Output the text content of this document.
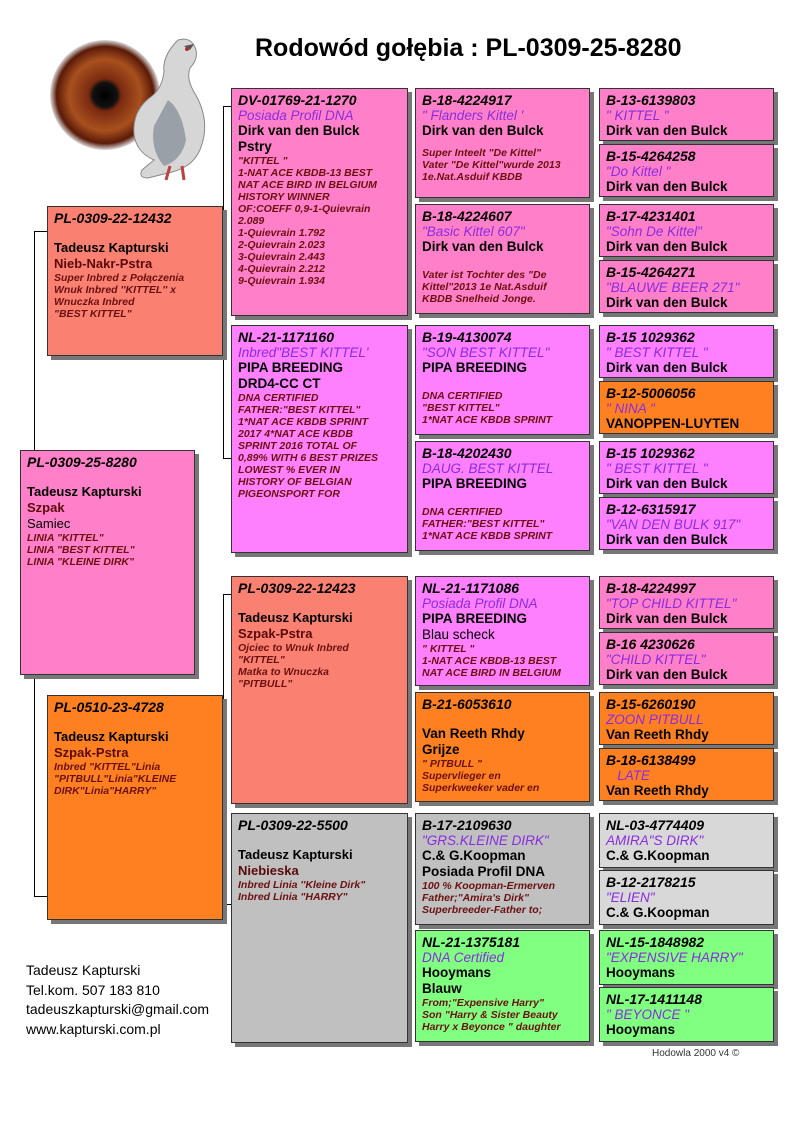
Rodowód gołębia : PL-0309-25-8280
PL-0309-25-8280
Tadeusz Kapturski
Szpak
Samiec
LINIA "KITTEL"
LINIA "BEST KITTEL"
LINIA "KLEINE DIRK"
PL-0309-22-12432
Tadeusz Kapturski
Nieb-Nakr-Pstra
Super Inbred z Połączenia
Wnuk Inbred ''KITTEL'' x
Wnuczka Inbred
"BEST KITTEL"
PL-0510-23-4728
Tadeusz Kapturski
Szpak-Pstra
Inbred "KITTEL"Linia
"PITBULL"Linia"KLEINE
DIRK"Linia"HARRY"
DV-01769-21-1270
Posiada Profil DNA
Dirk van den Bulck
Pstry
"KITTEL "
1-NAT ACE KBDB-13 BEST
NAT ACE BIRD IN BELGIUM
HISTORY WINNER
OF:COEFF 0,9-1-Quievrain
2.089
1-Quievrain 1.792
2-Quievrain 2.023
3-Quievrain 2.443
4-Quievrain 2.212
9-Quievrain 1.934
NL-21-1171160
Inbred"BEST KITTEL'
PIPA BREEDING
DRD4-CC CT
DNA CERTIFIED
FATHER:"BEST KITTEL"
1*NAT ACE KBDB SPRINT
2017 4*NAT ACE KBDB
SPRINT 2016 TOTAL OF
0,89% WITH 6 BEST PRIZES
LOWEST % EVER IN
HISTORY OF BELGIAN
PIGEONSPORT FOR
PL-0309-22-12423
Tadeusz Kapturski
Szpak-Pstra
Ojciec to Wnuk Inbred
"KITTEL"
Matka to Wnuczka
"PITBULL"
PL-0309-22-5500
Tadeusz Kapturski
Niebieska
Inbred Linia ''Kleine Dirk"
Inbred Linia "HARRY"
B-18-4224917
" Flanders Kittel '
Dirk van den Bulck
Super Inteelt "De Kittel"
Vater "De Kittel"wurde 2013
1e.Nat.Asduif KBDB
B-18-4224607
"Basic Kittel 607"
Dirk van den Bulck
Vater ist Tochter des "De
Kittel"2013 1e Nat.Asduif
KBDB Snelheid Jonge.
B-19-4130074
"SON BEST KITTEL"
PIPA BREEDING
DNA CERTIFIED
"BEST KITTEL"
1*NAT ACE KBDB SPRINT
B-18-4202430
DAUG. BEST KITTEL
PIPA BREEDING
DNA CERTIFIED
FATHER:"BEST KITTEL"
1*NAT ACE KBDB SPRINT
NL-21-1171086
Posiada Profil DNA
PIPA BREEDING
Blau scheck
" KITTEL "
1-NAT ACE KBDB-13 BEST
NAT ACE BIRD IN BELGIUM
B-21-6053610
Van Reeth Rhdy
Grijze
" PITBULL "
Supervlieger en
Superkweeker vader en
B-17-2109630
"GRS.KLEINE DIRK"
C.& G.Koopman
Posiada Profil DNA
100 % Koopman-Ermerven
Father;"Amira's Dirk"
Superbreeder-Father to;
NL-21-1375181
DNA Certified
Hooymans
Blauw
From;"Expensive Harry"
Son "Harry & Sister Beauty
Harry x Beyonce " daughter
B-13-6139803
" KITTEL "
Dirk van den Bulck
B-15-4264258
"Do Kittel "
Dirk van den Bulck
B-17-4231401
"Sohn De Kittel"
Dirk van den Bulck
B-15-4264271
"BLAUWE BEER 271"
Dirk van den Bulck
B-15 1029362
" BEST KITTEL "
Dirk van den Bulck
B-12-5006056
" NINA "
VANOPPEN-LUYTEN
B-15 1029362
" BEST KITTEL "
Dirk van den Bulck
B-12-6315917
"VAN DEN BULK 917"
Dirk van den Bulck
B-18-4224997
"TOP CHILD KITTEL"
Dirk van den Bulck
B-16 4230626
"CHILD KITTEL"
Dirk van den Bulck
B-15-6260190
ZOON PITBULL
Van Reeth Rhdy
B-18-6138499
LATE
Van Reeth Rhdy
NL-03-4774409
AMIRA"S DIRK"
C.& G.Koopman
B-12-2178215
"ELIEN"
C.& G.Koopman
NL-15-1848982
"EXPENSIVE HARRY"
Hooymans
NL-17-1411148
" BEYONCE "
Hooymans
Tadeusz Kapturski
Tel.kom. 507 183 810
tadeuszkapturski@gmail.com
www.kapturski.com.pl
Hodowla 2000 v4 ©
